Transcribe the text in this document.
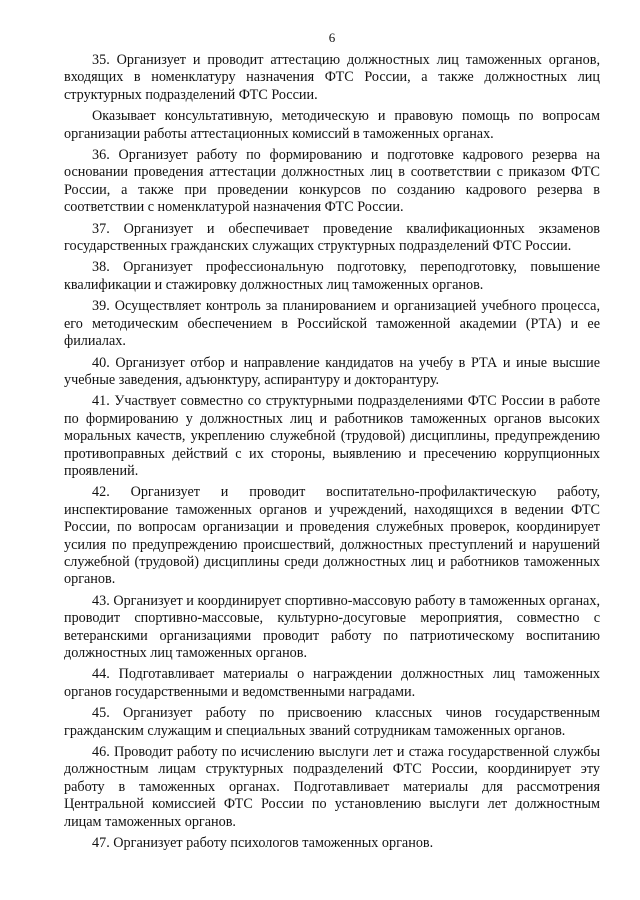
6

35. Организует и проводит аттестацию должностных лиц таможенных органов, входящих в номенклатуру назначения ФТС России, а также должностных лиц структурных подразделений ФТС России.

Оказывает консультативную, методическую и правовую помощь по вопросам организации работы аттестационных комиссий в таможенных органах.

36. Организует работу по формированию и подготовке кадрового резерва на основании проведения аттестации должностных лиц в соответствии с приказом ФТС России, а также при проведении конкурсов по созданию кадрового резерва в соответствии с номенклатурой назначения ФТС России.

37. Организует и обеспечивает проведение квалификационных экзаменов государственных гражданских служащих структурных подразделений ФТС России.

38. Организует профессиональную подготовку, переподготовку, повышение квалификации и стажировку должностных лиц таможенных органов.

39. Осуществляет контроль за планированием и организацией учебного процесса, его методическим обеспечением в Российской таможенной академии (РТА) и ее филиалах.

40. Организует отбор и направление кандидатов на учебу в РТА и иные высшие учебные заведения, адъюнктуру, аспирантуру и докторантуру.

41. Участвует совместно со структурными подразделениями ФТС России в работе по формированию у должностных лиц и работников таможенных органов высоких моральных качеств, укреплению служебной (трудовой) дисциплины, предупреждению противоправных действий с их стороны, выявлению и пресечению коррупционных проявлений.

42. Организует и проводит воспитательно-профилактическую работу, инспектирование таможенных органов и учреждений, находящихся в ведении ФТС России, по вопросам организации и проведения служебных проверок, координирует усилия по предупреждению происшествий, должностных преступлений и нарушений служебной (трудовой) дисциплины среди должностных лиц и работников таможенных органов.

43. Организует и координирует спортивно-массовую работу в таможенных органах, проводит спортивно-массовые, культурно-досуговые мероприятия, совместно с ветеранскими организациями проводит работу по патриотическому воспитанию должностных лиц таможенных органов.

44. Подготавливает материалы о награждении должностных лиц таможенных органов государственными и ведомственными наградами.

45. Организует работу по присвоению классных чинов государственным гражданским служащим и специальных званий сотрудникам таможенных органов.

46. Проводит работу по исчислению выслуги лет и стажа государственной службы должностным лицам структурных подразделений ФТС России, координирует эту работу в таможенных органах. Подготавливает материалы для рассмотрения Центральной комиссией ФТС России по установлению выслуги лет должностным лицам таможенных органов.

47. Организует работу психологов таможенных органов.
